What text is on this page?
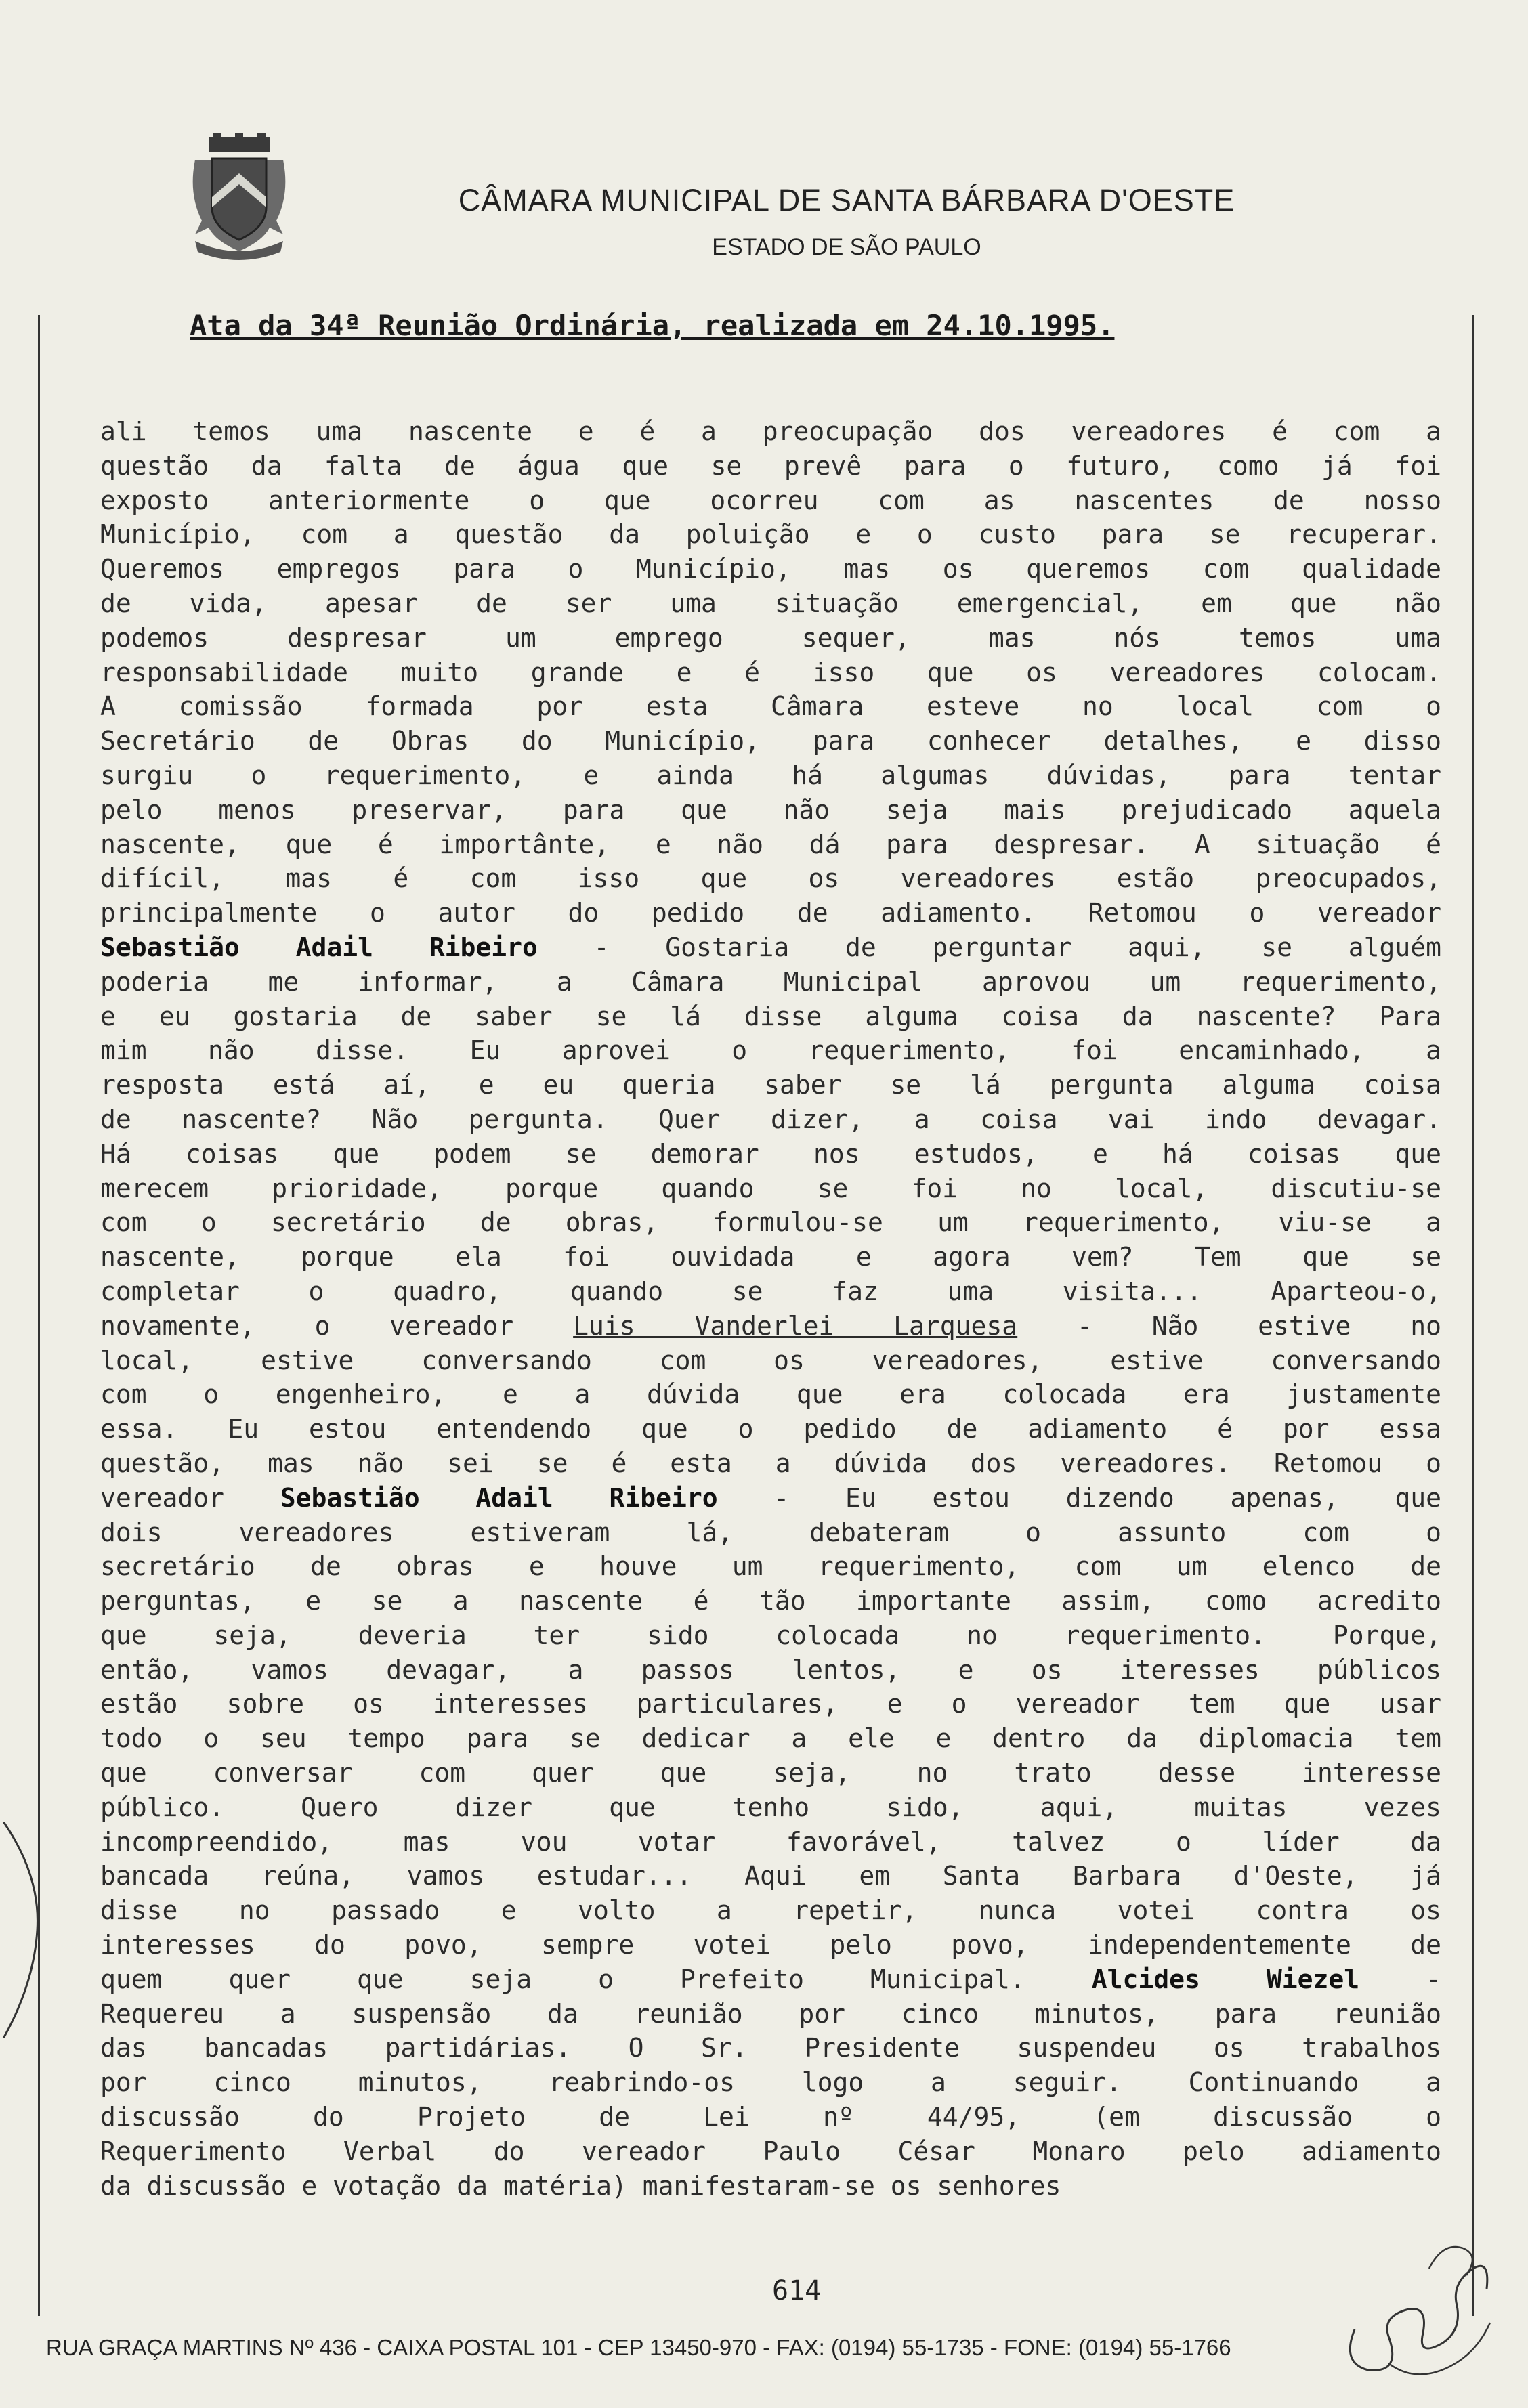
CÂMARA MUNICIPAL DE SANTA BÁRBARA D'OESTE
ESTADO DE SÃO PAULO
Ata da 34ª Reunião Ordinária, realizada em 24.10.1995.
ali temos uma nascente e é a preocupação dos vereadores é com a
questão da falta de água que se prevê para o futuro, como já foi
exposto anteriormente o que ocorreu com as nascentes de nosso
Município, com a questão da poluição e o custo para se recuperar.
Queremos empregos para o Município, mas os queremos com qualidade
de vida, apesar de ser uma situação emergencial, em que não
podemos despresar um emprego sequer, mas nós temos uma
responsabilidade muito grande e é isso que os vereadores colocam.
A comissão formada por esta Câmara esteve no local com o
Secretário de Obras do Município, para conhecer detalhes, e disso
surgiu o requerimento, e ainda há algumas dúvidas, para tentar
pelo menos preservar, para que não seja mais prejudicado aquela
nascente, que é importânte, e não dá para despresar. A situação é
difícil, mas é com isso que os vereadores estão preocupados,
principalmente o autor do pedido de adiamento. Retomou o vereador
Sebastião Adail Ribeiro - Gostaria de perguntar aqui, se alguém
poderia me informar, a Câmara Municipal aprovou um requerimento,
e eu gostaria de saber se lá disse alguma coisa da nascente? Para
mim não disse. Eu aprovei o requerimento, foi encaminhado, a
resposta está aí, e eu queria saber se lá pergunta alguma coisa
de nascente? Não pergunta. Quer dizer, a coisa vai indo devagar.
Há coisas que podem se demorar nos estudos, e há coisas que
merecem prioridade, porque quando se foi no local, discutiu-se
com o secretário de obras, formulou-se um requerimento, viu-se a
nascente, porque ela foi ouvidada e agora vem? Tem que se
completar o quadro, quando se faz uma visita... Aparteou-o,
novamente, o vereador Luis Vanderlei Larquesa - Não estive no
local, estive conversando com os vereadores, estive conversando
com o engenheiro, e a dúvida que era colocada era justamente
essa. Eu estou entendendo que o pedido de adiamento é por essa
questão, mas não sei se é esta a dúvida dos vereadores. Retomou o
vereador Sebastião Adail Ribeiro - Eu estou dizendo apenas, que
dois vereadores estiveram lá, debateram o assunto com o
secretário de obras e houve um requerimento, com um elenco de
perguntas, e se a nascente é tão importante assim, como acredito
que seja, deveria ter sido colocada no requerimento. Porque,
então, vamos devagar, a passos lentos, e os iteresses públicos
estão sobre os interesses particulares, e o vereador tem que usar
todo o seu tempo para se dedicar a ele e dentro da diplomacia tem
que conversar com quer que seja, no trato desse interesse
público. Quero dizer que tenho sido, aqui, muitas vezes
incompreendido, mas vou votar favorável, talvez o líder da
bancada reúna, vamos estudar... Aqui em Santa Barbara d'Oeste, já
disse no passado e volto a repetir, nunca votei contra os
interesses do povo, sempre votei pelo povo, independentemente de
quem quer que seja o Prefeito Municipal. Alcides Wiezel -
Requereu a suspensão da reunião por cinco minutos, para reunião
das bancadas partidárias. O Sr. Presidente suspendeu os trabalhos
por cinco minutos, reabrindo-os logo a seguir. Continuando a
discussão do Projeto de Lei nº 44/95, (em discussão o
Requerimento Verbal do vereador Paulo César Monaro pelo adiamento
da discussão e votação da matéria) manifestaram-se os senhores
614
RUA GRAÇA MARTINS Nº 436 - CAIXA POSTAL 101 - CEP 13450-970 - FAX: (0194) 55-1735 - FONE: (0194) 55-1766
